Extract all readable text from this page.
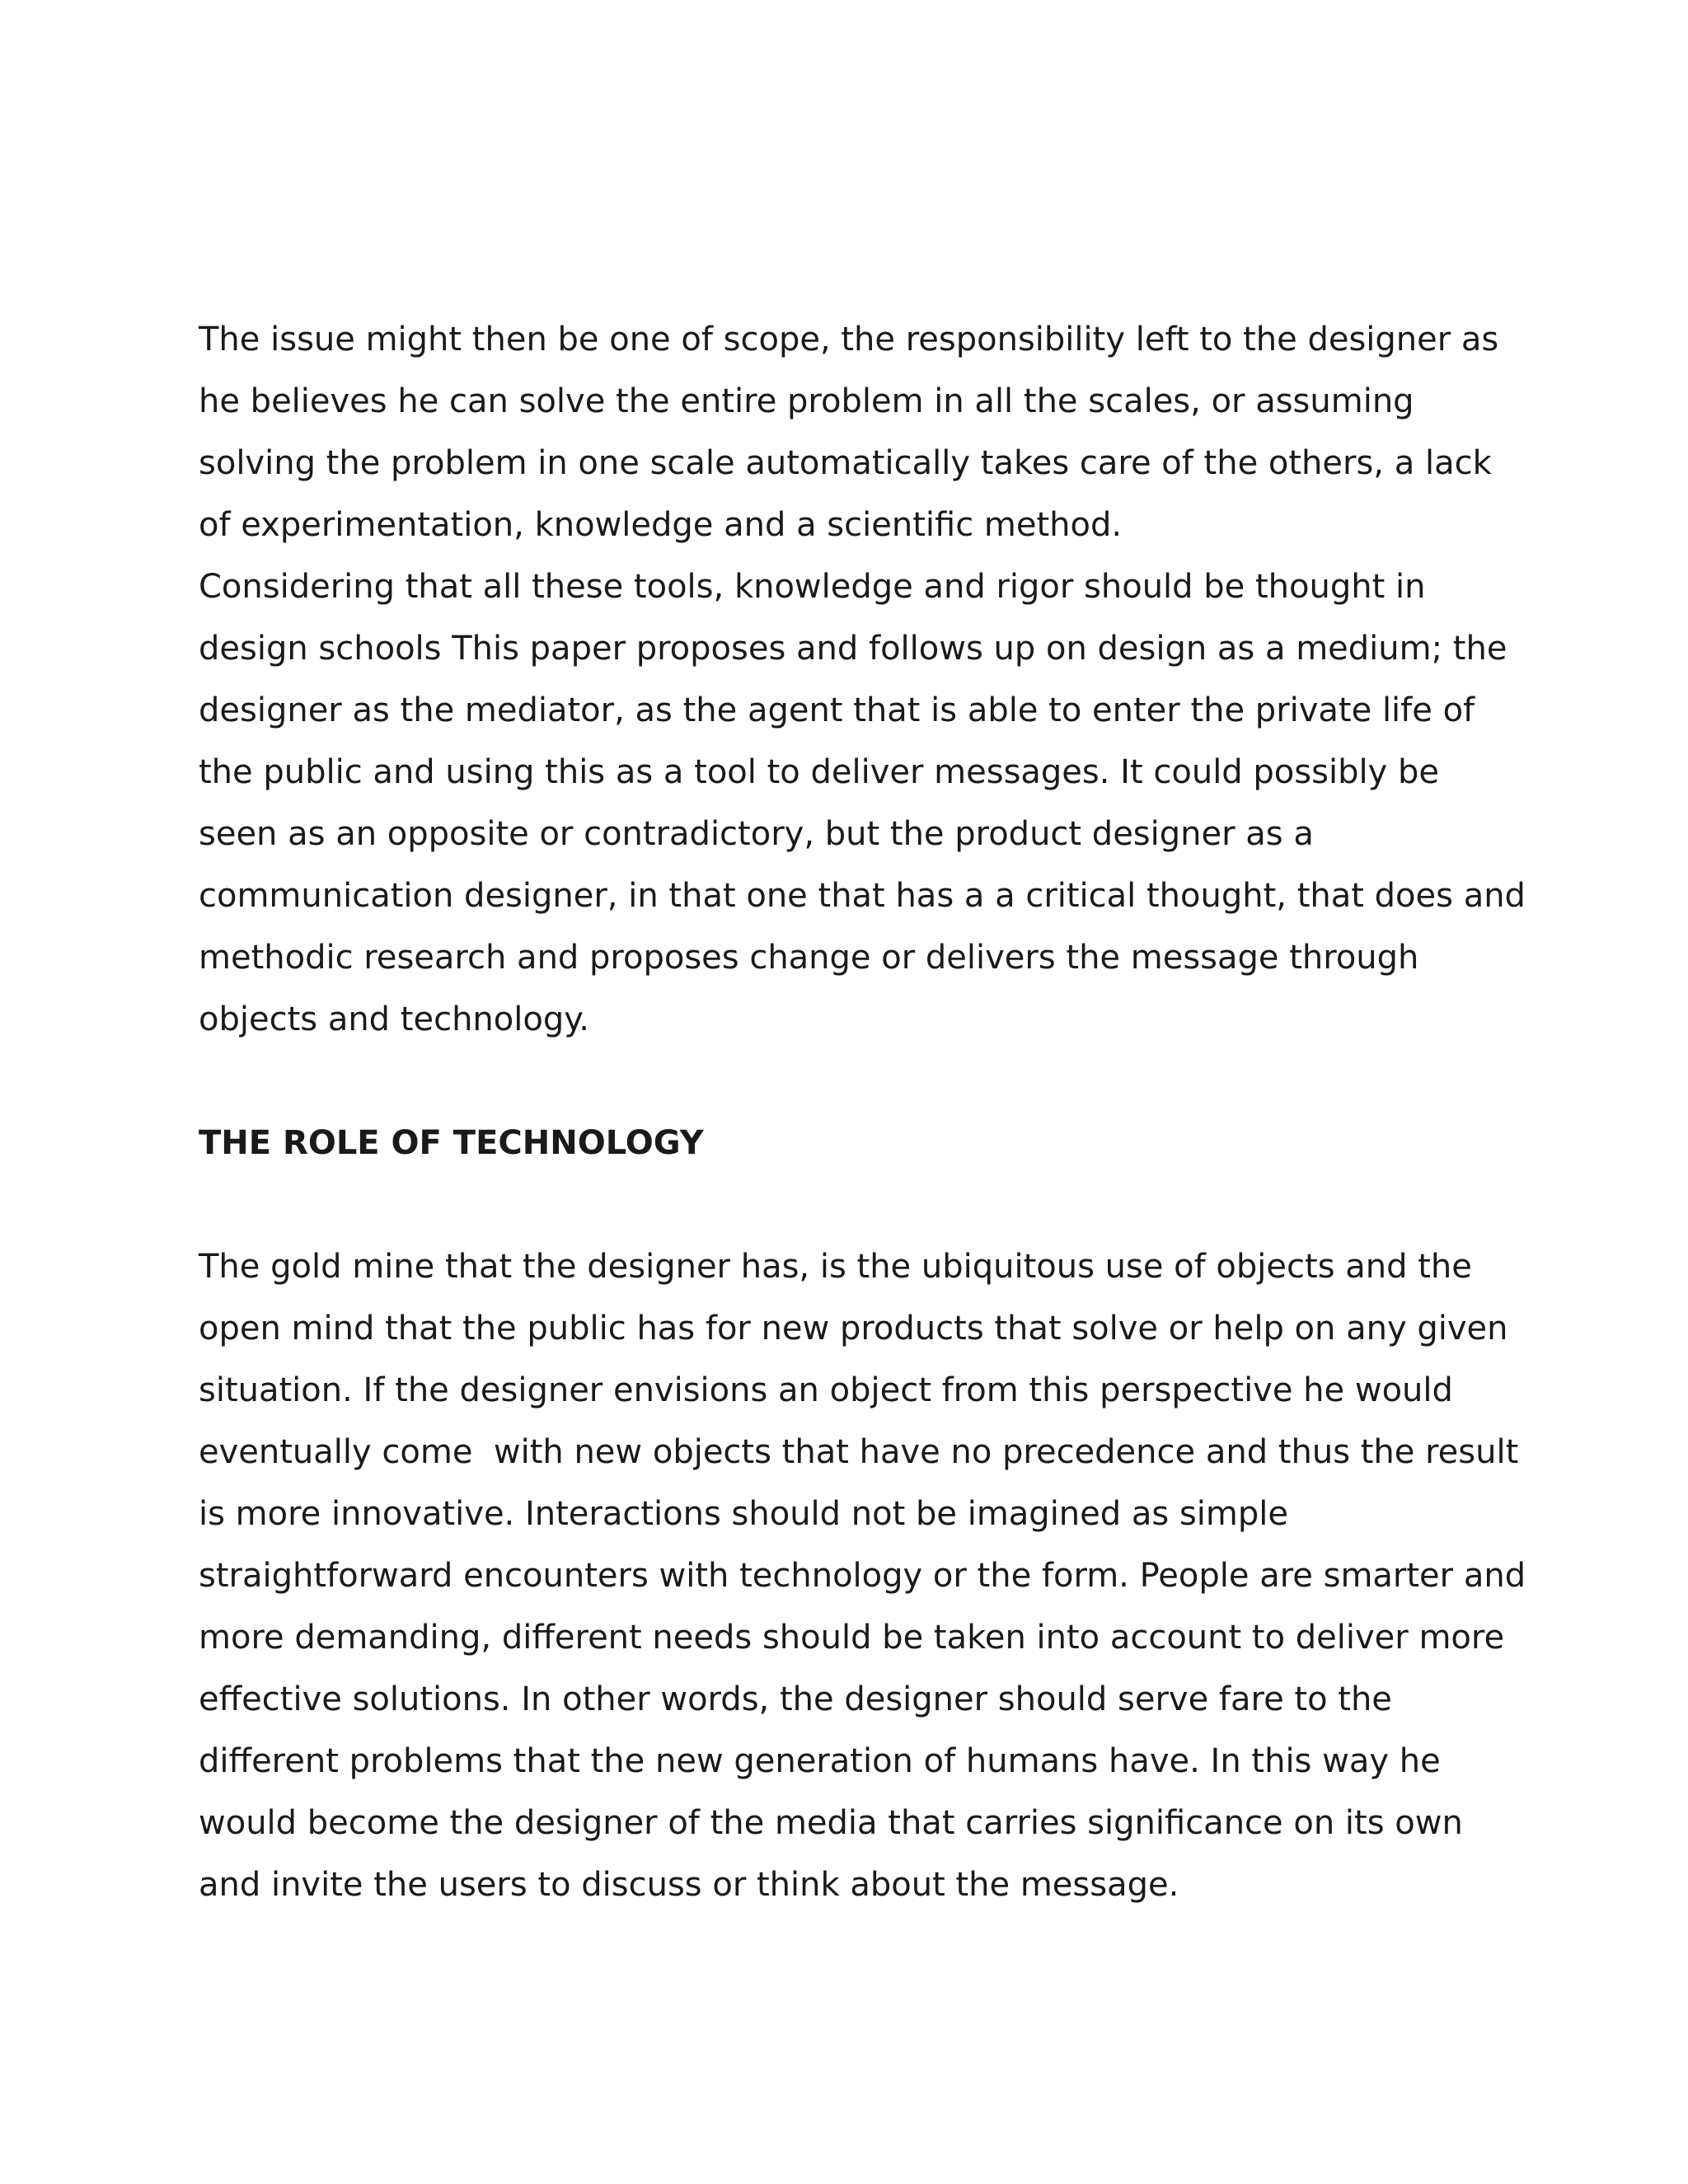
The issue might then be one of scope, the responsibility left to the designer as
he believes he can solve the entire problem in all the scales, or assuming
solving the problem in one scale automatically takes care of the others, a lack
of experimentation, knowledge and a scientific method.
Considering that all these tools, knowledge and rigor should be thought in
design schools This paper proposes and follows up on design as a medium; the
designer as the mediator, as the agent that is able to enter the private life of
the public and using this as a tool to deliver messages. It could possibly be
seen as an opposite or contradictory, but the product designer as a
communication designer, in that one that has a a critical thought, that does and
methodic research and proposes change or delivers the message through
objects and technology.
THE ROLE OF TECHNOLOGY
The gold mine that the designer has, is the ubiquitous use of objects and the
open mind that the public has for new products that solve or help on any given
situation. If the designer envisions an object from this perspective he would
eventually come  with new objects that have no precedence and thus the result
is more innovative. Interactions should not be imagined as simple
straightforward encounters with technology or the form. People are smarter and
more demanding, different needs should be taken into account to deliver more
effective solutions. In other words, the designer should serve fare to the
different problems that the new generation of humans have. In this way he
would become the designer of the media that carries significance on its own
and invite the users to discuss or think about the message.
